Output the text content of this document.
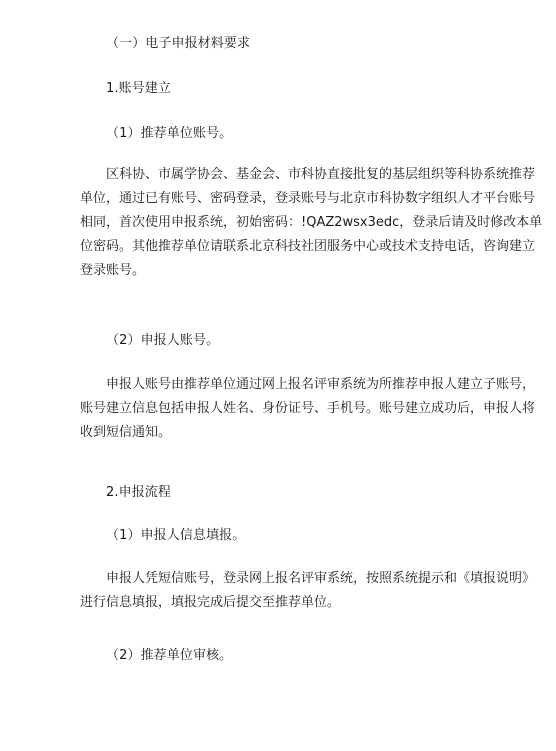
（一）电子申报材料要求
1.账号建立
（1）推荐单位账号。
区科协、市属学协会、基金会、市科协直接批复的基层组织等科协系统推荐
单位，通过已有账号、密码登录，登录账号与北京市科协数字组织人才平台账号
相同，首次使用申报系统，初始密码：!QAZ2wsx3edc，登录后请及时修改本单
位密码。其他推荐单位请联系北京科技社团服务中心或技术支持电话，咨询建立
登录账号。
（2）申报人账号。
申报人账号由推荐单位通过网上报名评审系统为所推荐申报人建立子账号，
账号建立信息包括申报人姓名、身份证号、手机号。账号建立成功后，申报人将
收到短信通知。
2.申报流程
（1）申报人信息填报。
申报人凭短信账号，登录网上报名评审系统，按照系统提示和《填报说明》
进行信息填报，填报完成后提交至推荐单位。
（2）推荐单位审核。
